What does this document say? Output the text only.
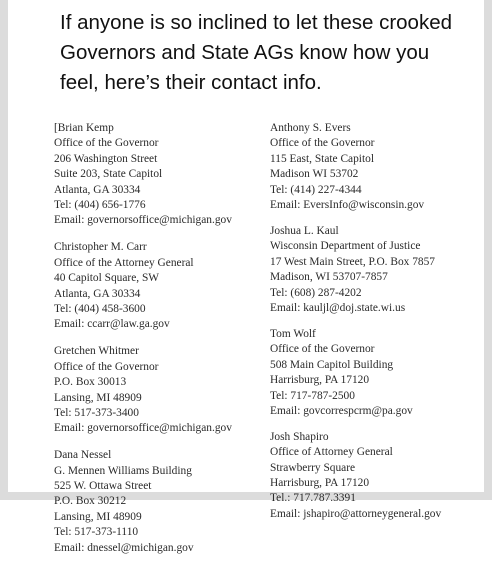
If anyone is so inclined to let these crooked Governors and State AGs know how you feel, here’s their contact info.

[Brian Kemp
Office of the Governor
206 Washington Street
Suite 203, State Capitol
Atlanta, GA 30334
Tel: (404) 656-1776
Email: governorsoffice@michigan.gov
Christopher M. Carr
Office of the Attorney General
40 Capitol Square, SW
Atlanta, GA 30334
Tel: (404) 458-3600
Email: ccarr@law.ga.gov
Gretchen Whitmer
Office of the Governor
P.O. Box 30013
Lansing, MI 48909
Tel: 517-373-3400
Email: governorsoffice@michigan.gov
Dana Nessel
G. Mennen Williams Building
525 W. Ottawa Street
P.O. Box 30212
Lansing, MI 48909
Tel: 517-373-1110
Email: dnessel@michigan.gov
Anthony S. Evers
Office of the Governor
115 East, State Capitol
Madison WI 53702
Tel: (414) 227-4344
Email: EversInfo@wisconsin.gov
Joshua L. Kaul
Wisconsin Department of Justice
17 West Main Street, P.O. Box 7857
Madison, WI 53707-7857
Tel: (608) 287-4202
Email: kauljl@doj.state.wi.us
Tom Wolf
Office of the Governor
508 Main Capitol Building
Harrisburg, PA 17120
Tel: 717-787-2500
Email: govcorrespcrm@pa.gov
Josh Shapiro
Office of Attorney General
Strawberry Square
Harrisburg, PA 17120
Tel.: 717.787.3391
Email: jshapiro@attorneygeneral.gov
